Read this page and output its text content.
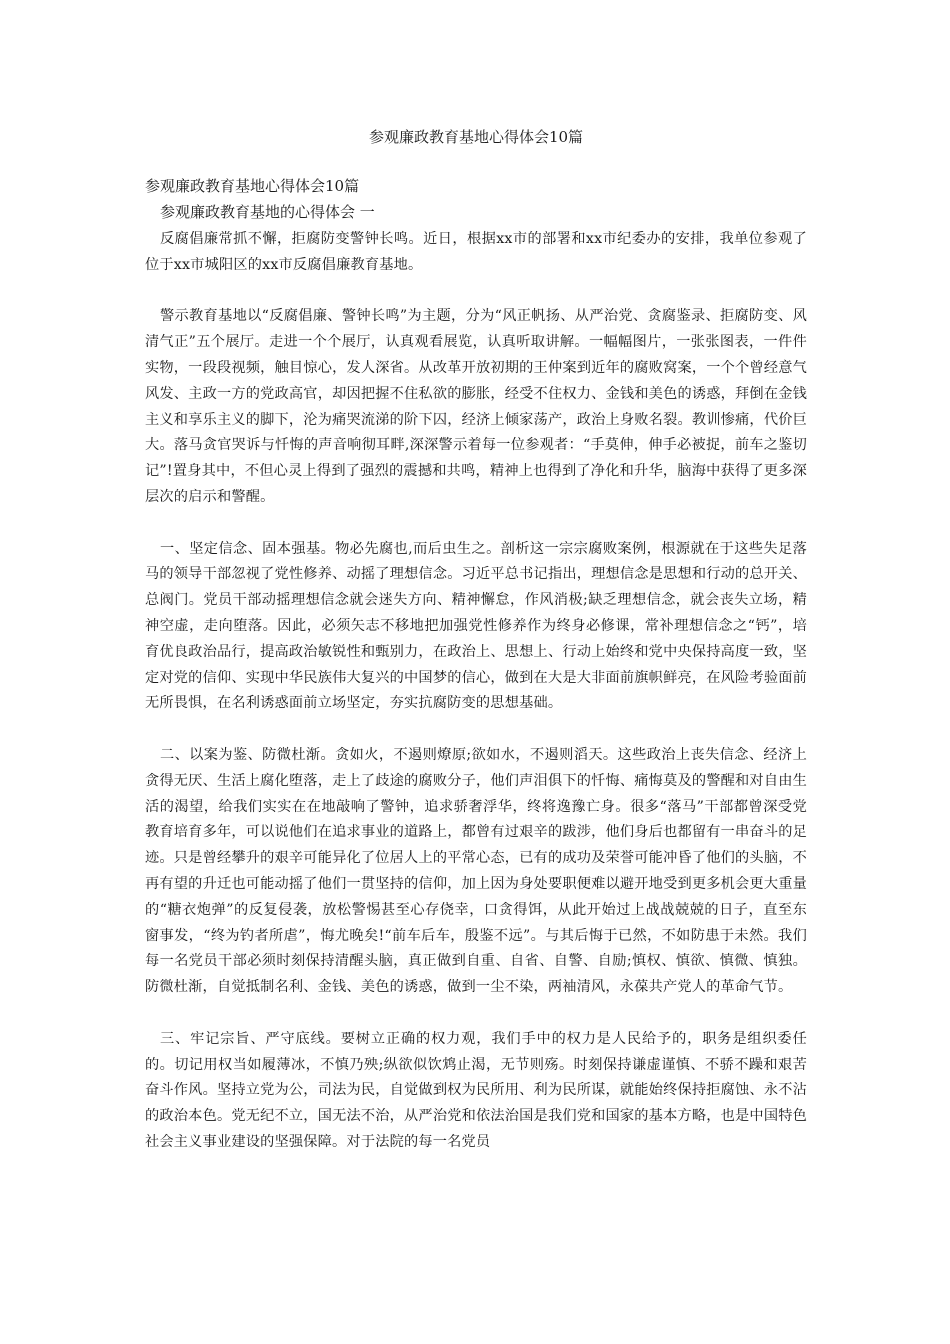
参观廉政教育基地心得体会10篇
参观廉政教育基地心得体会10篇
参观廉政教育基地的心得体会 一

反腐倡廉常抓不懈，拒腐防变警钟长鸣。近日，根据xx市的部署和xx市纪委办的安排，我单位参观了位于xx市城阳区的xx市反腐倡廉教育基地。

警示教育基地以“反腐倡廉、警钟长鸣”为主题，分为“风正帆扬、从严治党、贪腐鉴录、拒腐防变、风清气正”五个展厅。走进一个个展厅，认真观看展览，认真听取讲解。一幅幅图片，一张张图表，一件件实物，一段段视频，触目惊心，发人深省。从改革开放初期的王仲案到近年的腐败窝案，一个个曾经意气风发、主政一方的党政高官，却因把握不住私欲的膨胀，经受不住权力、金钱和美色的诱惑，拜倒在金钱主义和享乐主义的脚下，沦为痛哭流涕的阶下囚，经济上倾家荡产，政治上身败名裂。教训惨痛，代价巨大。落马贪官哭诉与忏悔的声音响彻耳畔,深深警示着每一位参观者：“手莫伸，伸手必被捉，前车之鉴切记”!置身其中，不但心灵上得到了强烈的震撼和共鸣，精神上也得到了净化和升华，脑海中获得了更多深层次的启示和警醒。

一、坚定信念、固本强基。物必先腐也,而后虫生之。剖析这一宗宗腐败案例，根源就在于这些失足落马的领导干部忽视了党性修养、动摇了理想信念。习近平总书记指出，理想信念是思想和行动的总开关、总阀门。党员干部动摇理想信念就会迷失方向、精神懈怠，作风消极;缺乏理想信念，就会丧失立场，精神空虚，走向堕落。因此，必须矢志不移地把加强党性修养作为终身必修课，常补理想信念之“钙”，培育优良政治品行，提高政治敏锐性和甄别力，在政治上、思想上、行动上始终和党中央保持高度一致，坚定对党的信仰、实现中华民族伟大复兴的中国梦的信心，做到在大是大非面前旗帜鲜亮，在风险考验面前无所畏惧，在名利诱惑面前立场坚定，夯实抗腐防变的思想基础。

二、以案为鉴、防微杜渐。贪如火，不遏则燎原;欲如水，不遏则滔天。这些政治上丧失信念、经济上贪得无厌、生活上腐化堕落，走上了歧途的腐败分子，他们声泪俱下的忏悔、痛悔莫及的警醒和对自由生活的渴望，给我们实实在在地敲响了警钟，追求骄奢浮华，终将逸豫亡身。很多“落马”干部都曾深受党教育培育多年，可以说他们在追求事业的道路上，都曾有过艰辛的跋涉，他们身后也都留有一串奋斗的足迹。只是曾经攀升的艰辛可能异化了位居人上的平常心态，已有的成功及荣誉可能冲昏了他们的头脑，不再有望的升迁也可能动摇了他们一贯坚持的信仰，加上因为身处要职便难以避开地受到更多机会更大重量的“糖衣炮弹”的反复侵袭，放松警惕甚至心存侥幸，口贪得饵，从此开始过上战战兢兢的日子，直至东窗事发，“终为钓者所虐”，悔尤晚矣!“前车后车，殷鉴不远”。与其后悔于已然，不如防患于未然。我们每一名党员干部必须时刻保持清醒头脑，真正做到自重、自省、自警、自励;慎权、慎欲、慎微、慎独。防微杜渐，自觉抵制名利、金钱、美色的诱惑，做到一尘不染，两袖清风，永葆共产党人的革命气节。

三、牢记宗旨、严守底线。要树立正确的权力观，我们手中的权力是人民给予的，职务是组织委任的。切记用权当如履薄冰，不慎乃殃;纵欲似饮鸩止渴，无节则殇。时刻保持谦虚谨慎、不骄不躁和艰苦奋斗作风。坚持立党为公，司法为民，自觉做到权为民所用、利为民所谋，就能始终保持拒腐蚀、永不沾的政治本色。党无纪不立，国无法不治，从严治党和依法治国是我们党和国家的基本方略，也是中国特色社会主义事业建设的坚强保障。对于法院的每一名党员
